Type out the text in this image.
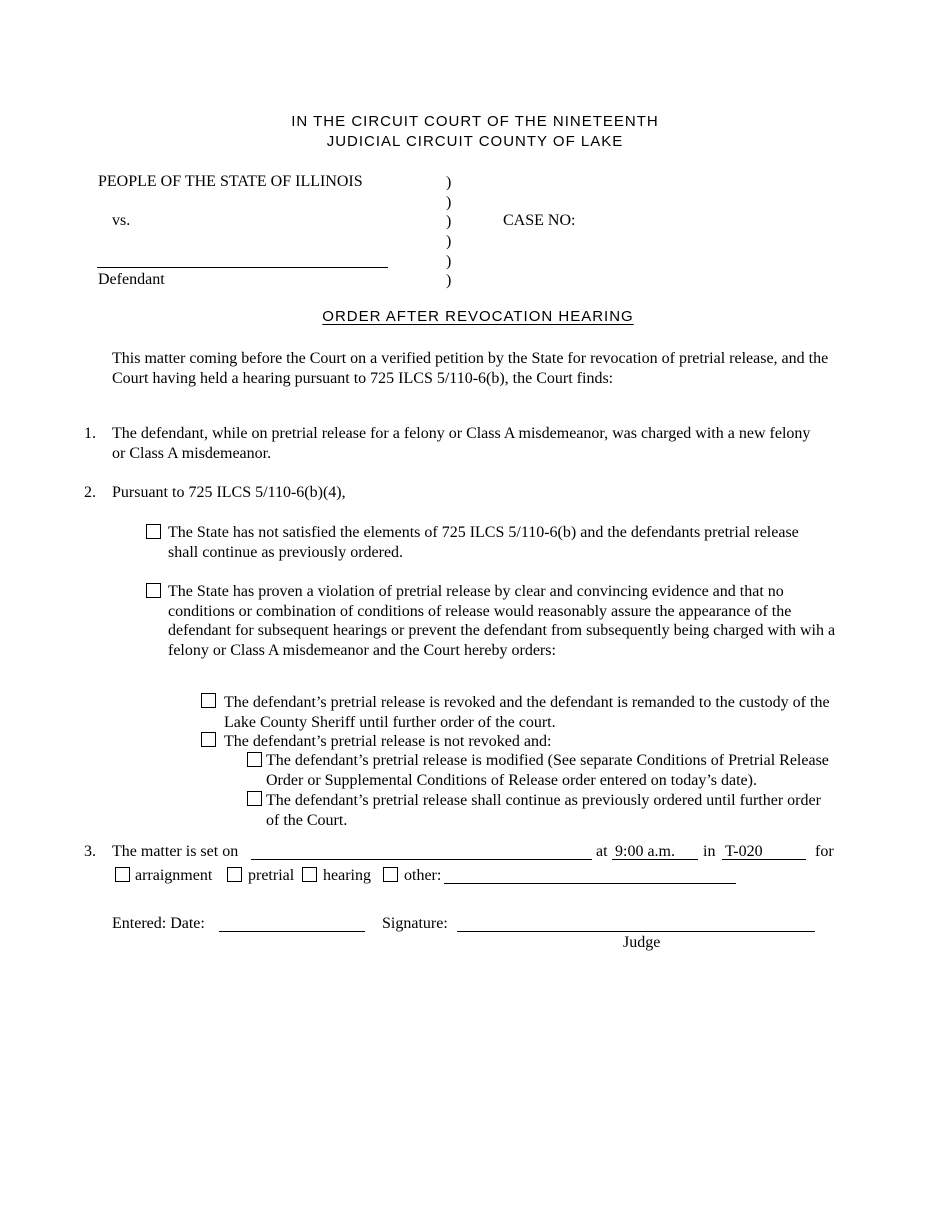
IN THE CIRCUIT COURT OF THE NINETEENTH
JUDICIAL CIRCUIT COUNTY OF LAKE
PEOPLE OF THE STATE OF ILLINOIS
vs.
Defendant
)
)
)
)
)
)
CASE NO:
ORDER AFTER REVOCATION HEARING
This matter coming before the Court on a verified petition by the State for revocation of pretrial release, and the Court having held a hearing pursuant to 725 ILCS 5/110-6(b), the Court finds:
1. The defendant, while on pretrial release for a felony or Class A misdemeanor, was charged with a new felony or Class A misdemeanor.
2. Pursuant to 725 ILCS 5/110-6(b)(4),
The State has not satisfied the elements of 725 ILCS 5/110-6(b) and the defendants pretrial release shall continue as previously ordered.
The State has proven a violation of pretrial release by clear and convincing evidence and that no conditions or combination of conditions of release would reasonably assure the appearance of the defendant for subsequent hearings or prevent the defendant from subsequently being charged with wih a felony or Class A misdemeanor and the Court hereby orders:
The defendant’s pretrial release is revoked and the defendant is remanded to the custody of the Lake County Sheriff until further order of the court.
The defendant’s pretrial release is not revoked and:
The defendant’s pretrial release is modified (See separate Conditions of Pretrial Release Order or Supplemental Conditions of Release order entered on today’s date).
The defendant’s pretrial release shall continue as previously ordered until further order of the Court.
3. The matter is set on	at 9:00 a.m. in T-020	for
arraignment pretrial hearing other:
Entered: Date:	Signature:
Judge
